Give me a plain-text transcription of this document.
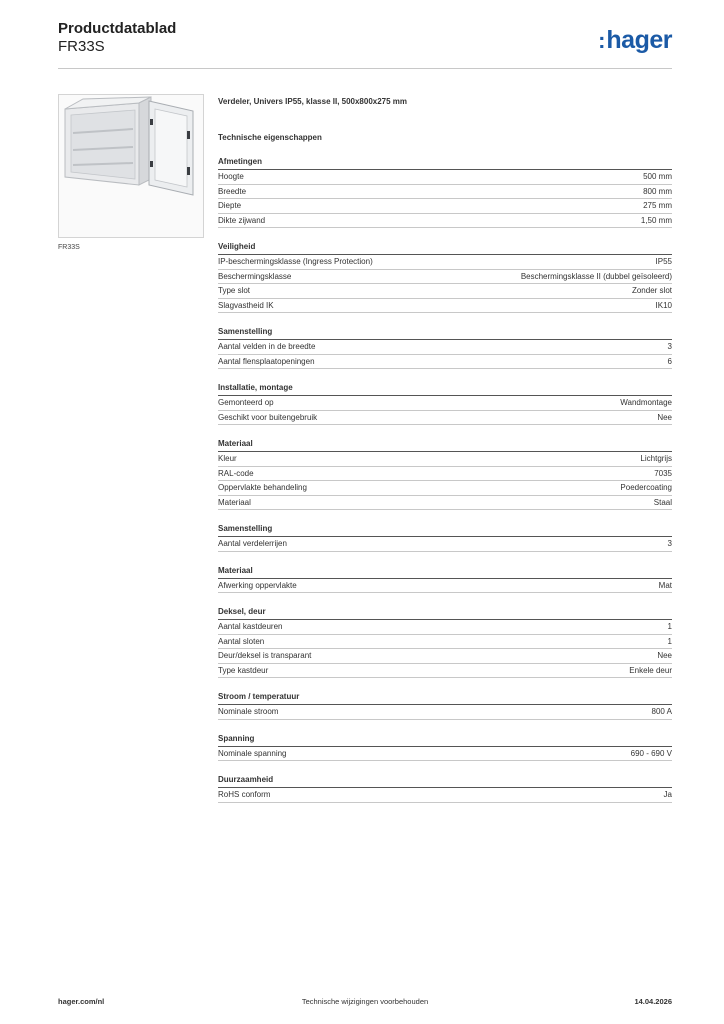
Productdatablad
FR33S	:hager
FR33S
Verdeler, Univers IP55, klasse II, 500x800x275 mm
Technische eigenschappen
Afmetingen
Hoogte	500 mm
Breedte	800 mm
Diepte	275 mm
Dikte zijwand	1,50 mm
Veiligheid
IP-beschermingsklasse (Ingress Protection)	IP55
Beschermingsklasse	Beschermingsklasse II (dubbel geïsoleerd)
Type slot	Zonder slot
Slagvastheid IK	IK10
Samenstelling
Aantal velden in de breedte	3
Aantal flensplaatopeningen	6
Installatie, montage
Gemonteerd op	Wandmontage
Geschikt voor buitengebruik	Nee
Materiaal
Kleur	Lichtgrijs
RAL-code	7035
Oppervlakte behandeling	Poedercoating
Materiaal	Staal
Samenstelling
Aantal verdelerrijen	3
Materiaal
Afwerking oppervlakte	Mat
Deksel, deur
Aantal kastdeuren	1
Aantal sloten	1
Deur/deksel is transparant	Nee
Type kastdeur	Enkele deur
Stroom / temperatuur
Nominale stroom	800 A
Spanning
Nominale spanning	690 - 690 V
Duurzaamheid
RoHS conform	Ja
hager.com/nl	Technische wijzigingen voorbehouden	14.04.2026
